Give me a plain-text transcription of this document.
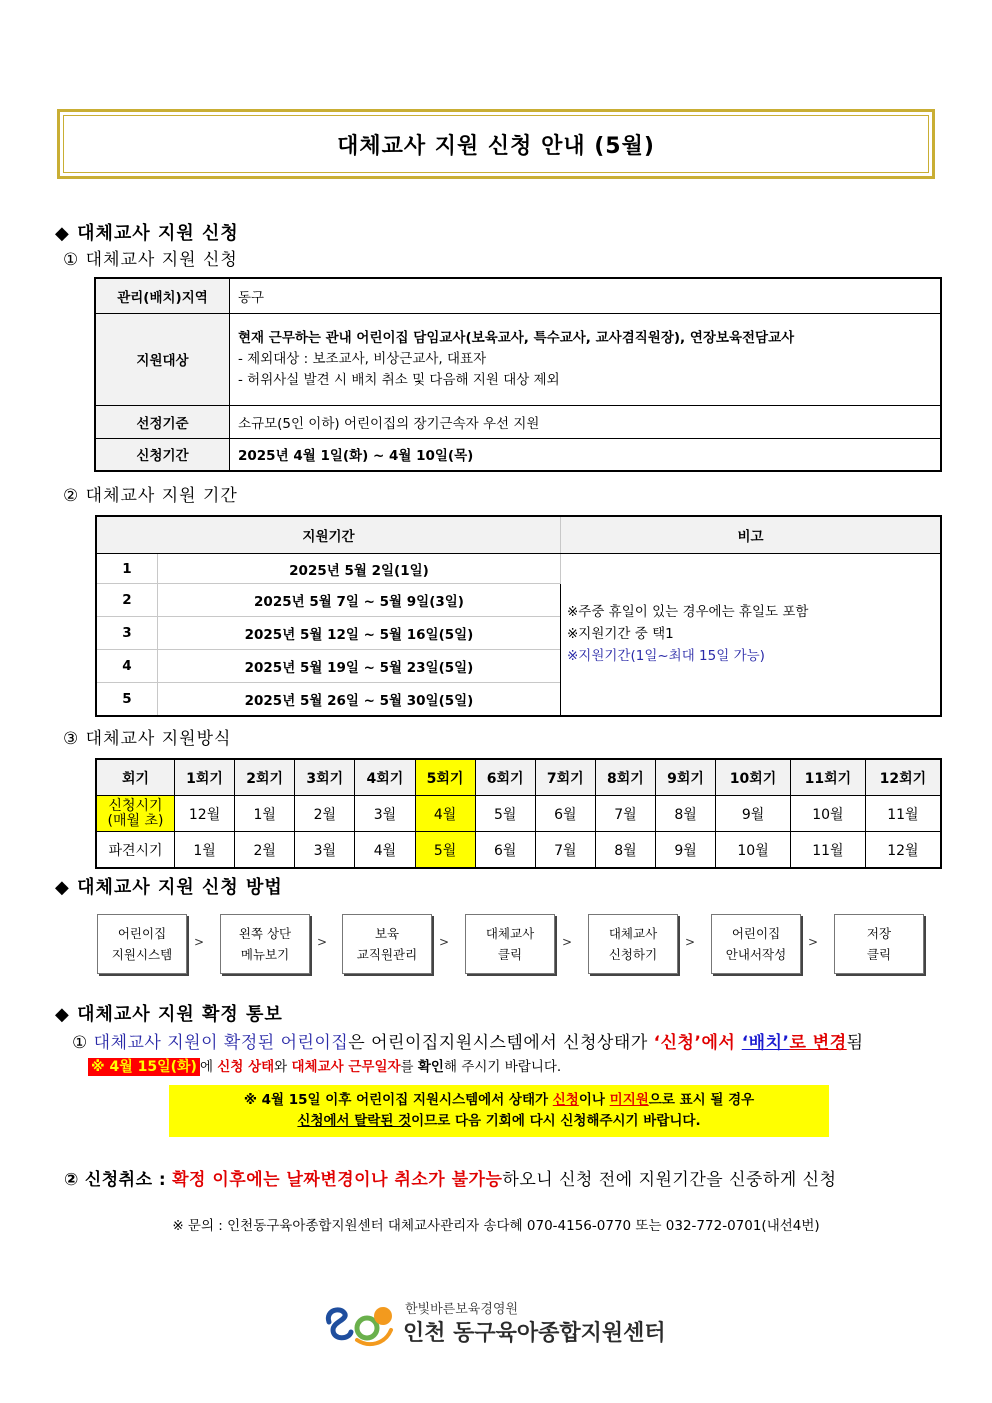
대체교사 지원 신청 안내 (5월)
◆ 대체교사 지원 신청
① 대체교사 지원 신청
관리(배치)지역	동구
지원대상	현재 근무하는 관내 어린이집 담임교사(보육교사, 특수교사, 교사겸직원장), 연장보육전담교사
- 제외대상 : 보조교사, 비상근교사, 대표자
- 허위사실 발견 시 배치 취소 및 다음해 지원 대상 제외

선정기준	소규모(5인 이하) 어린이집의 장기근속자 우선 지원
신청기간	2025년 4월 1일(화) ~ 4월 10일(목)
② 대체교사 지원 기간
지원기간		비고
1	2025년 5월 2일(1일)	※주중 휴일이 있는 경우에는 휴일도 포함
※지원기간 중 택1
※지원기간(1일~최대 15일 가능)

2	2025년 5월 7일 ~ 5월 9일(3일)	
3	2025년 5월 12일 ~ 5월 16일(5일)	
4	2025년 5월 19일 ~ 5월 23일(5일)	
5	2025년 5월 26일 ~ 5월 30일(5일)	
③ 대체교사 지원방식
회기	1회기	2회기	3회기	4회기	5회기	6회기	7회기	8회기	9회기	10회기	11회기	12회기

신청시기
(매월 초)	12월	1월	2월	3월	4월	5월	6월	7월	8월	9월	10월	11월
파견시기	1월	2월	3월	4월	5월	6월	7월	8월	9월	10월	11월	12월
◆ 대체교사 지원 신청 방법
어린이집
지원시스템
>
왼쪽 상단
메뉴보기
>
보육
교직원관리
>
대체교사
클릭
>
대체교사
신청하기
>
어린이집
안내서작성
>
저장
클릭
◆ 대체교사 지원 확정 통보
① 대체교사 지원이 확정된 어린이집은 어린이집지원시스템에서 신청상태가 ‘신청’에서 ‘배치’로 변경됨
※ 4월 15일(화) 에 신청 상태와 대체교사 근무일자를 확인해 주시기 바랍니다.
※ 4월 15일 이후 어린이집 지원시스템에서 상태가 신청이나 미지원으로 표시 될 경우
신청에서 탈락된 것이므로 다음 기회에 다시 신청해주시기 바랍니다.
② 신청취소 : 확정 이후에는 날짜변경이나 취소가 불가능하오니 신청 전에 지원기간을 신중하게 신청
※ 문의 : 인천동구육아종합지원센터 대체교사관리자 송다혜 070-4156-0770 또는 032-772-0701(내선4번)
한빛바른보육경영원
인천 동구육아종합지원센터
